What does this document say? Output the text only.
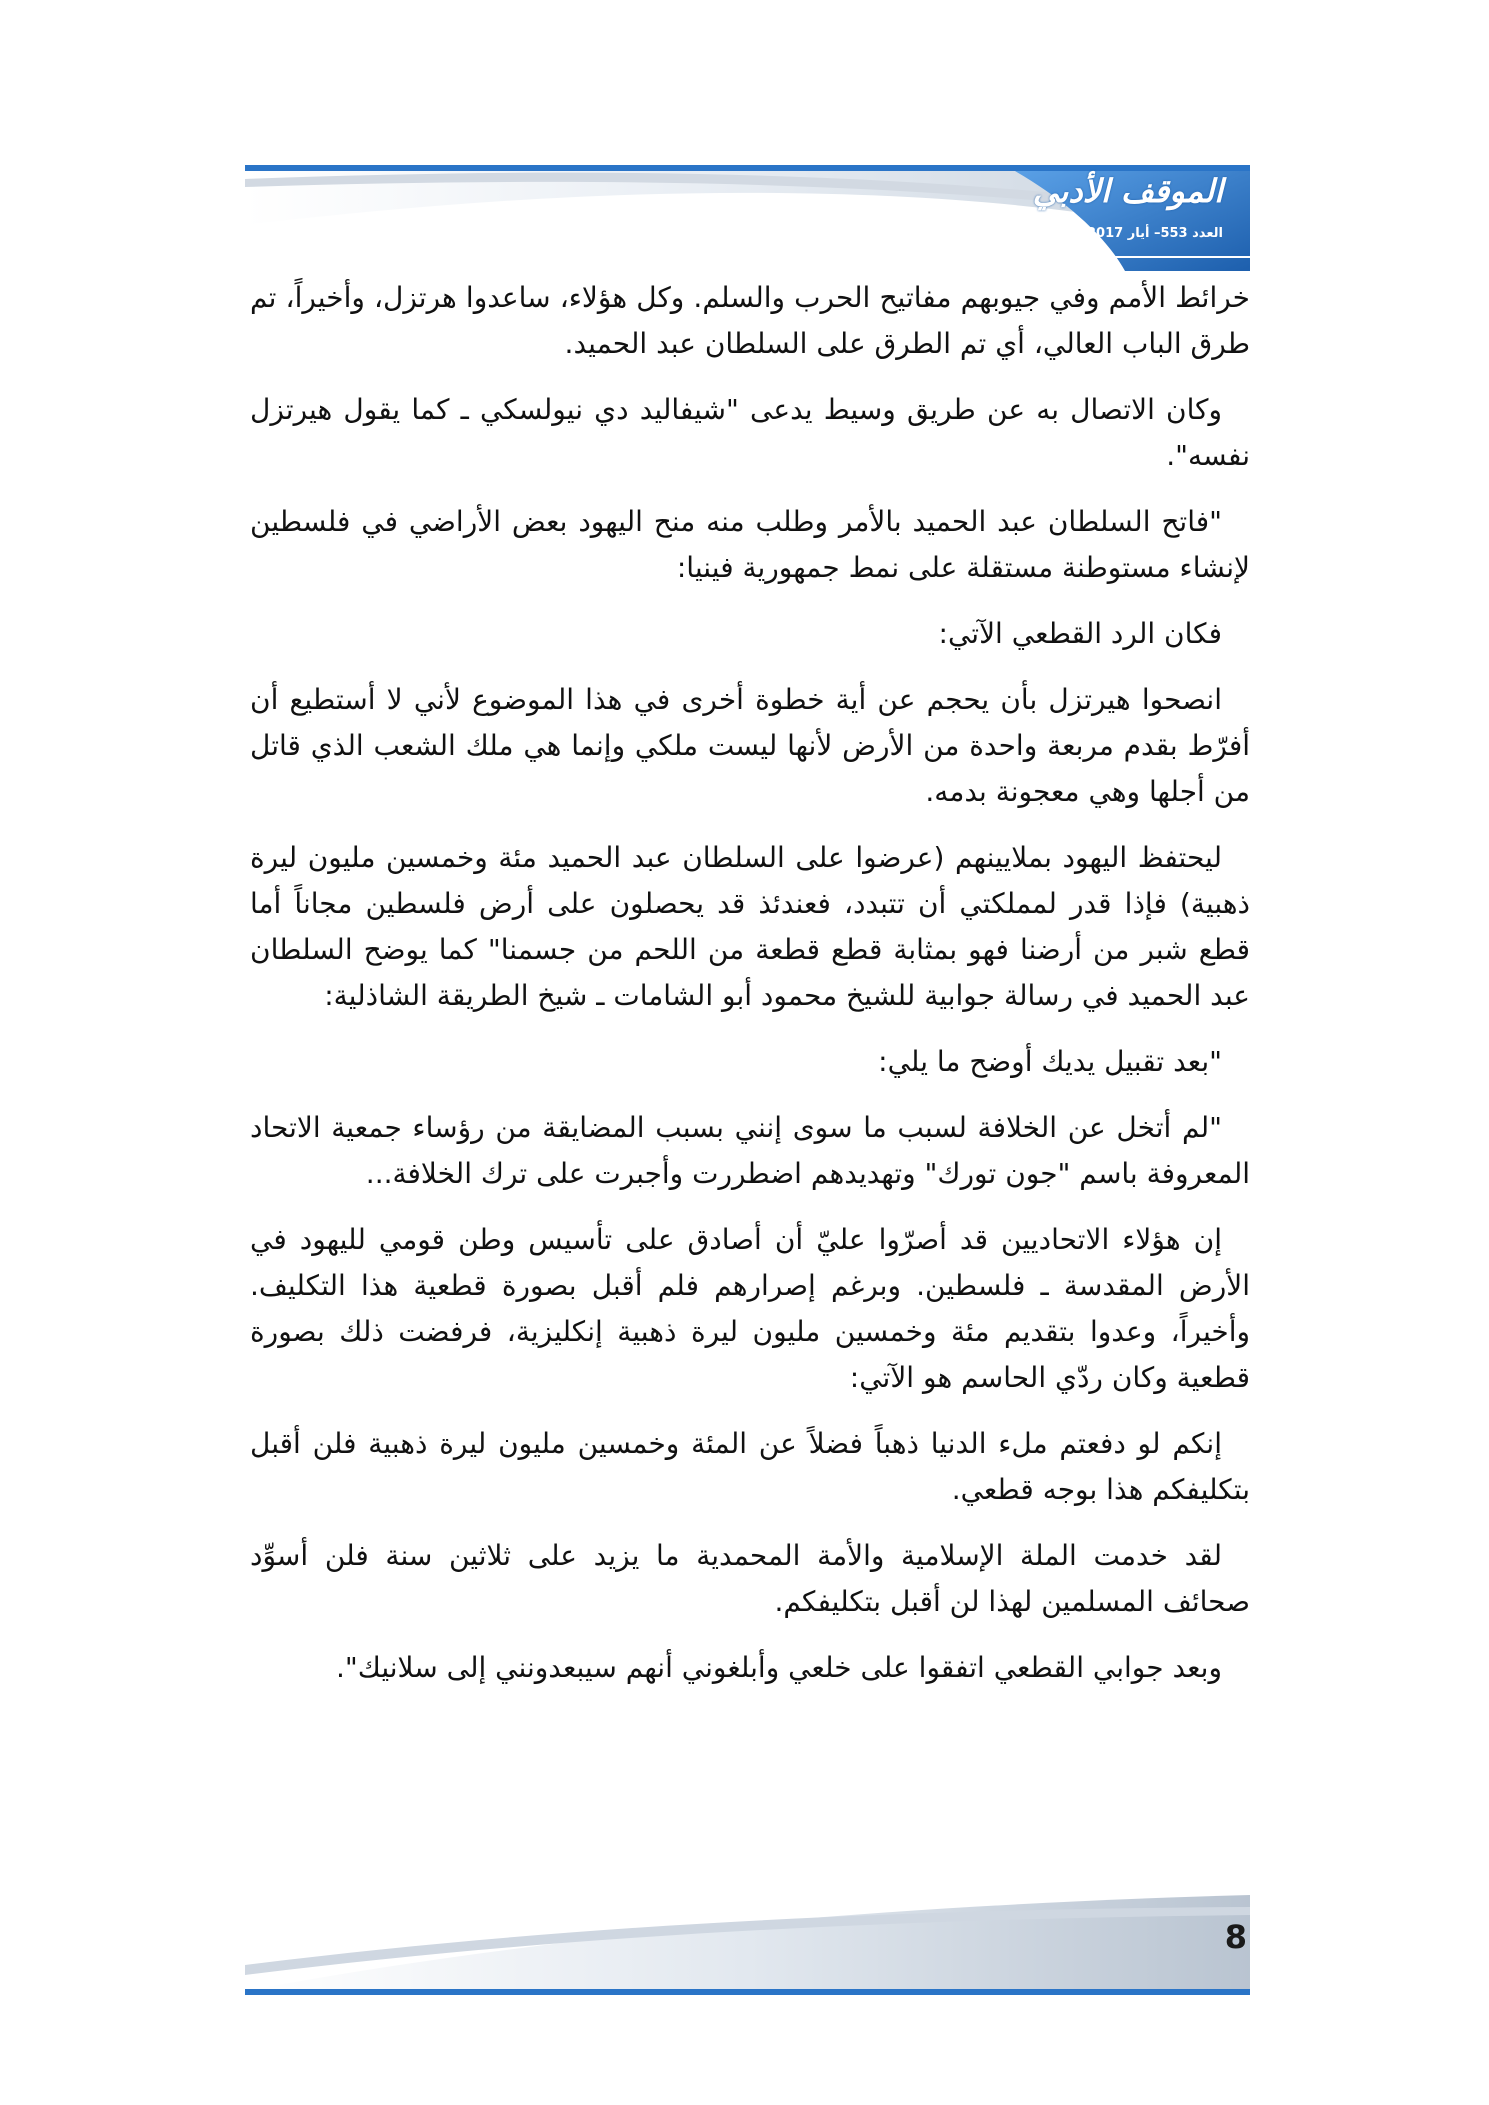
الموقف الأدبي
العدد 553– أيار 2017/

خرائط الأمم وفي جيوبهم مفاتيح الحرب والسلم. وكل هؤلاء، ساعدوا هرتزل، وأخيراً، تم طرق الباب العالي، أي تم الطرق على السلطان عبد الحميد.

وكان الاتصال به عن طريق وسيط يدعى "شيفاليد دي نيولسكي ـ كما يقول هيرتزل نفسه".

"فاتح السلطان عبد الحميد بالأمر وطلب منه منح اليهود بعض الأراضي في فلسطين لإنشاء مستوطنة مستقلة على نمط جمهورية فينيا:

فكان الرد القطعي الآتي:

انصحوا هيرتزل بأن يحجم عن أية خطوة أخرى في هذا الموضوع لأني لا أستطيع أن أفرّط بقدم مربعة واحدة من الأرض لأنها ليست ملكي وإنما هي ملك الشعب الذي قاتل من أجلها وهي معجونة بدمه.

ليحتفظ اليهود بملايينهم (عرضوا على السلطان عبد الحميد مئة وخمسين مليون ليرة ذهبية) فإذا قدر لمملكتي أن تتبدد، فعندئذ قد يحصلون على أرض فلسطين مجاناً أما قطع شبر من أرضنا فهو بمثابة قطع قطعة من اللحم من جسمنا" كما يوضح السلطان عبد الحميد في رسالة جوابية للشيخ محمود أبو الشامات ـ شيخ الطريقة الشاذلية:

"بعد تقبيل يديك أوضح ما يلي:

"لم أتخل عن الخلافة لسبب ما سوى إنني بسبب المضايقة من رؤساء جمعية الاتحاد المعروفة باسم "جون تورك" وتهديدهم اضطررت وأجبرت على ترك الخلافة...

إن هؤلاء الاتحاديين قد أصرّوا عليّ أن أصادق على تأسيس وطن قومي لليهود في الأرض المقدسة ـ فلسطين. وبرغم إصرارهم فلم أقبل بصورة قطعية هذا التكليف. وأخيراً، وعدوا بتقديم مئة وخمسين مليون ليرة ذهبية إنكليزية، فرفضت ذلك بصورة قطعية وكان ردّي الحاسم هو الآتي:

إنكم لو دفعتم ملء الدنيا ذهباً فضلاً عن المئة وخمسين مليون ليرة ذهبية فلن أقبل بتكليفكم هذا بوجه قطعي.

لقد خدمت الملة الإسلامية والأمة المحمدية ما يزيد على ثلاثين سنة فلن أسوِّد صحائف المسلمين لهذا لن أقبل بتكليفكم.

وبعد جوابي القطعي اتفقوا على خلعي وأبلغوني أنهم سيبعدونني إلى سلانيك".

8
